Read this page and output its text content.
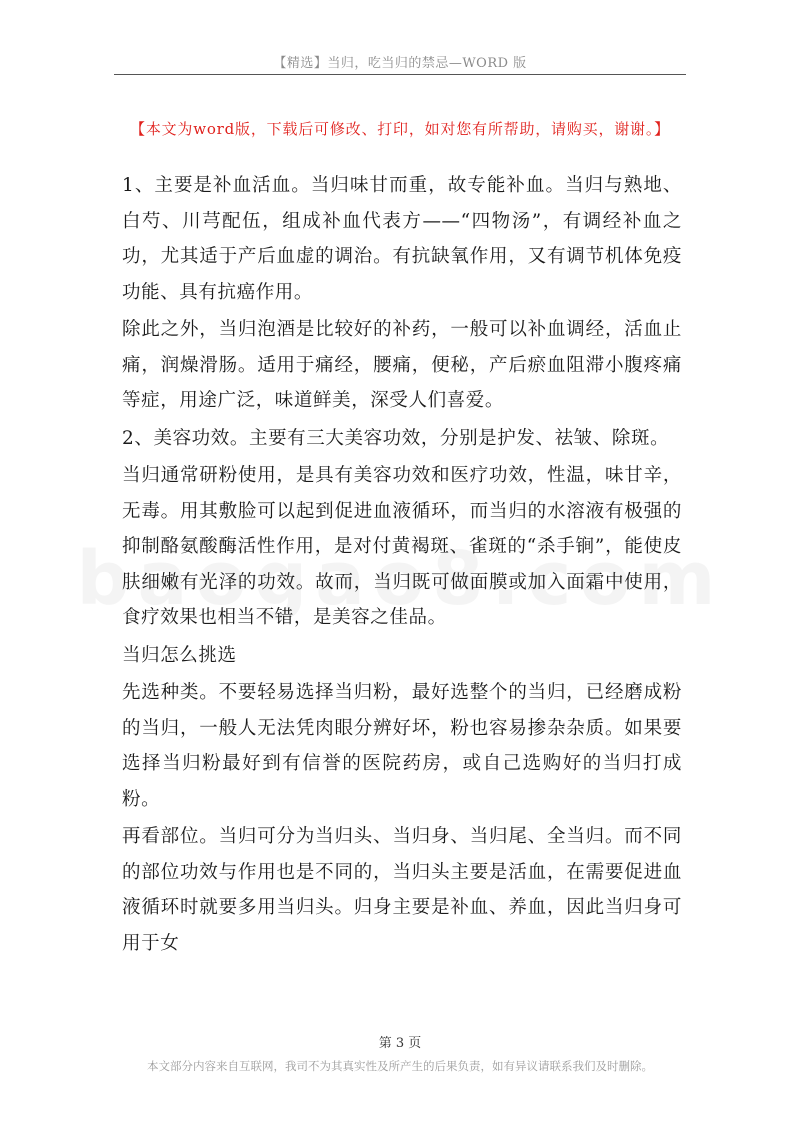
【精选】当归，吃当归的禁忌—WORD 版
【本文为word版，下载后可修改、打印，如对您有所帮助，请购买，谢谢。】

1、主要是补血活血。当归味甘而重，故专能补血。当归与熟地、白芍、川芎配伍，组成补血代表方——“四物汤”，有调经补血之功，尤其适于产后血虚的调治。有抗缺氧作用，又有调节机体免疫功能、具有抗癌作用。

除此之外，当归泡酒是比较好的补药，一般可以补血调经，活血止痛，润燥滑肠。适用于痛经，腰痛，便秘，产后瘀血阻滞小腹疼痛等症，用途广泛，味道鲜美，深受人们喜爱。

2、美容功效。主要有三大美容功效，分别是护发、祛皱、除斑。

当归通常研粉使用，是具有美容功效和医疗功效，性温，味甘辛，无毒。用其敷脸可以起到促进血液循环，而当归的水溶液有极强的抑制酪氨酸酶活性作用，是对付黄褐斑、雀斑的“杀手锏”，能使皮肤细嫩有光泽的功效。故而，当归既可做面膜或加入面霜中使用，食疗效果也相当不错，是美容之佳品。

当归怎么挑选

先选种类。不要轻易选择当归粉，最好选整个的当归，已经磨成粉的当归，一般人无法凭肉眼分辨好坏，粉也容易掺杂杂质。如果要选择当归粉最好到有信誉的医院药房，或自己选购好的当归打成粉。

再看部位。当归可分为当归头、当归身、当归尾、全当归。而不同的部位功效与作用也是不同的，当归头主要是活血，在需要促进血液循环时就要多用当归头。归身主要是补血、养血，因此当归身可用于女

第 3 页
本文部分内容来自互联网，我司不为其真实性及所产生的后果负责，如有异议请联系我们及时删除。
